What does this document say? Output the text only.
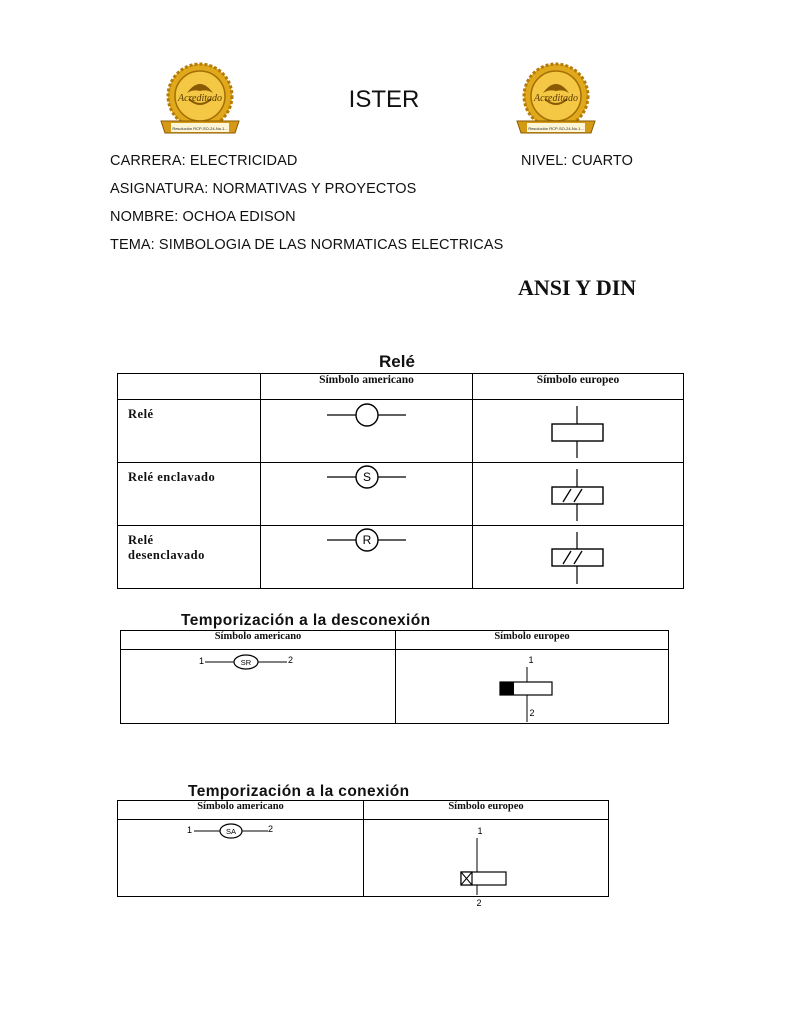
Acreditado
Resolución RCP-SO-24-No.1...
Acreditado
Resolución RCP-SO-24-No.1...
ISTER
CARRERA: ELECTRICIDAD	NIVEL: CUARTO
ASIGNATURA: NORMATIVAS Y PROYECTOS
NOMBRE: OCHOA EDISON
TEMA: SIMBOLOGIA DE LAS NORMATICAS ELECTRICAS
ANSI Y DIN
Relé
	Símbolo americano	Símbolo europeo
Relé	

Relé enclavado	S

Relé desenclavado	R

Temporización a la desconexión
Símbolo americano	Símbolo europeo

1 SR 2	1
2
Temporización a la conexión
Símbolo americano	Símbolo europeo

1 SA 2	1
2
